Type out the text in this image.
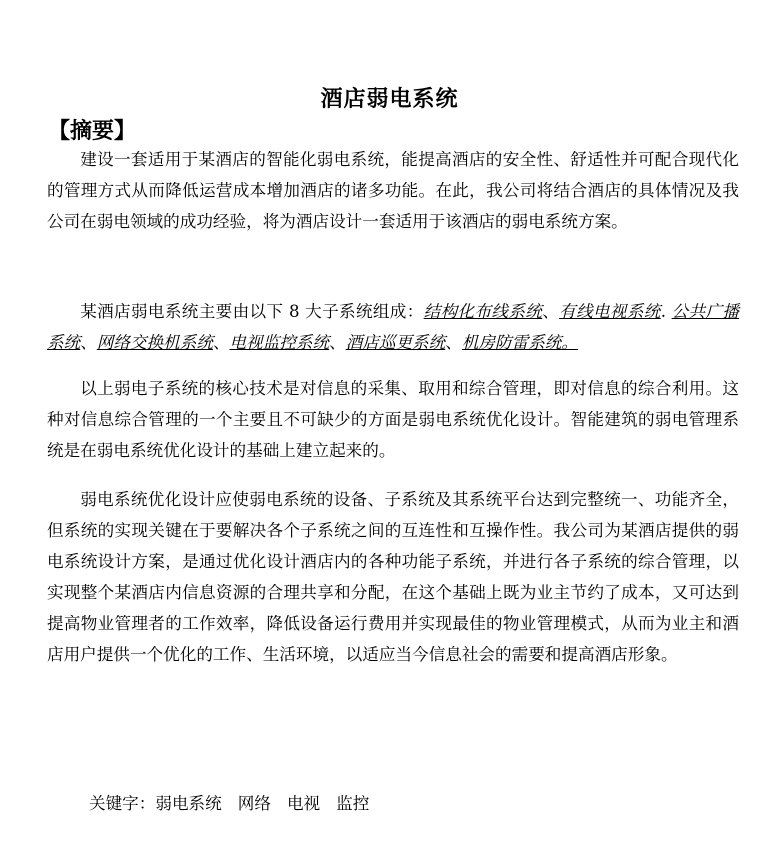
酒店弱电系统
【摘要】
建设一套适用于某酒店的智能化弱电系统，能提高酒店的安全性、舒适性并可配合现代化的管理方式从而降低运营成本增加酒店的诸多功能。在此，我公司将结合酒店的具体情况及我公司在弱电领域的成功经验，将为酒店设计一套适用于该酒店的弱电系统方案。
某酒店弱电系统主要由以下 8 大子系统组成：结构化布线系统、有线电视系统. 公共广播系统、网络交换机系统、电视监控系统、酒店巡更系统、机房防雷系统。
以上弱电子系统的核心技术是对信息的采集、取用和综合管理，即对信息的综合利用。这种对信息综合管理的一个主要且不可缺少的方面是弱电系统优化设计。智能建筑的弱电管理系统是在弱电系统优化设计的基础上建立起来的。
弱电系统优化设计应使弱电系统的设备、子系统及其系统平台达到完整统一、功能齐全，但系统的实现关键在于要解决各个子系统之间的互连性和互操作性。我公司为某酒店提供的弱电系统设计方案，是通过优化设计酒店内的各种功能子系统，并进行各子系统的综合管理，以实现整个某酒店内信息资源的合理共享和分配，在这个基础上既为业主节约了成本，又可达到提高物业管理者的工作效率，降低设备运行费用并实现最佳的物业管理模式，从而为业主和酒店用户提供一个优化的工作、生活环境，以适应当今信息社会的需要和提高酒店形象。
关键字：弱电系统 网络 电视 监控
